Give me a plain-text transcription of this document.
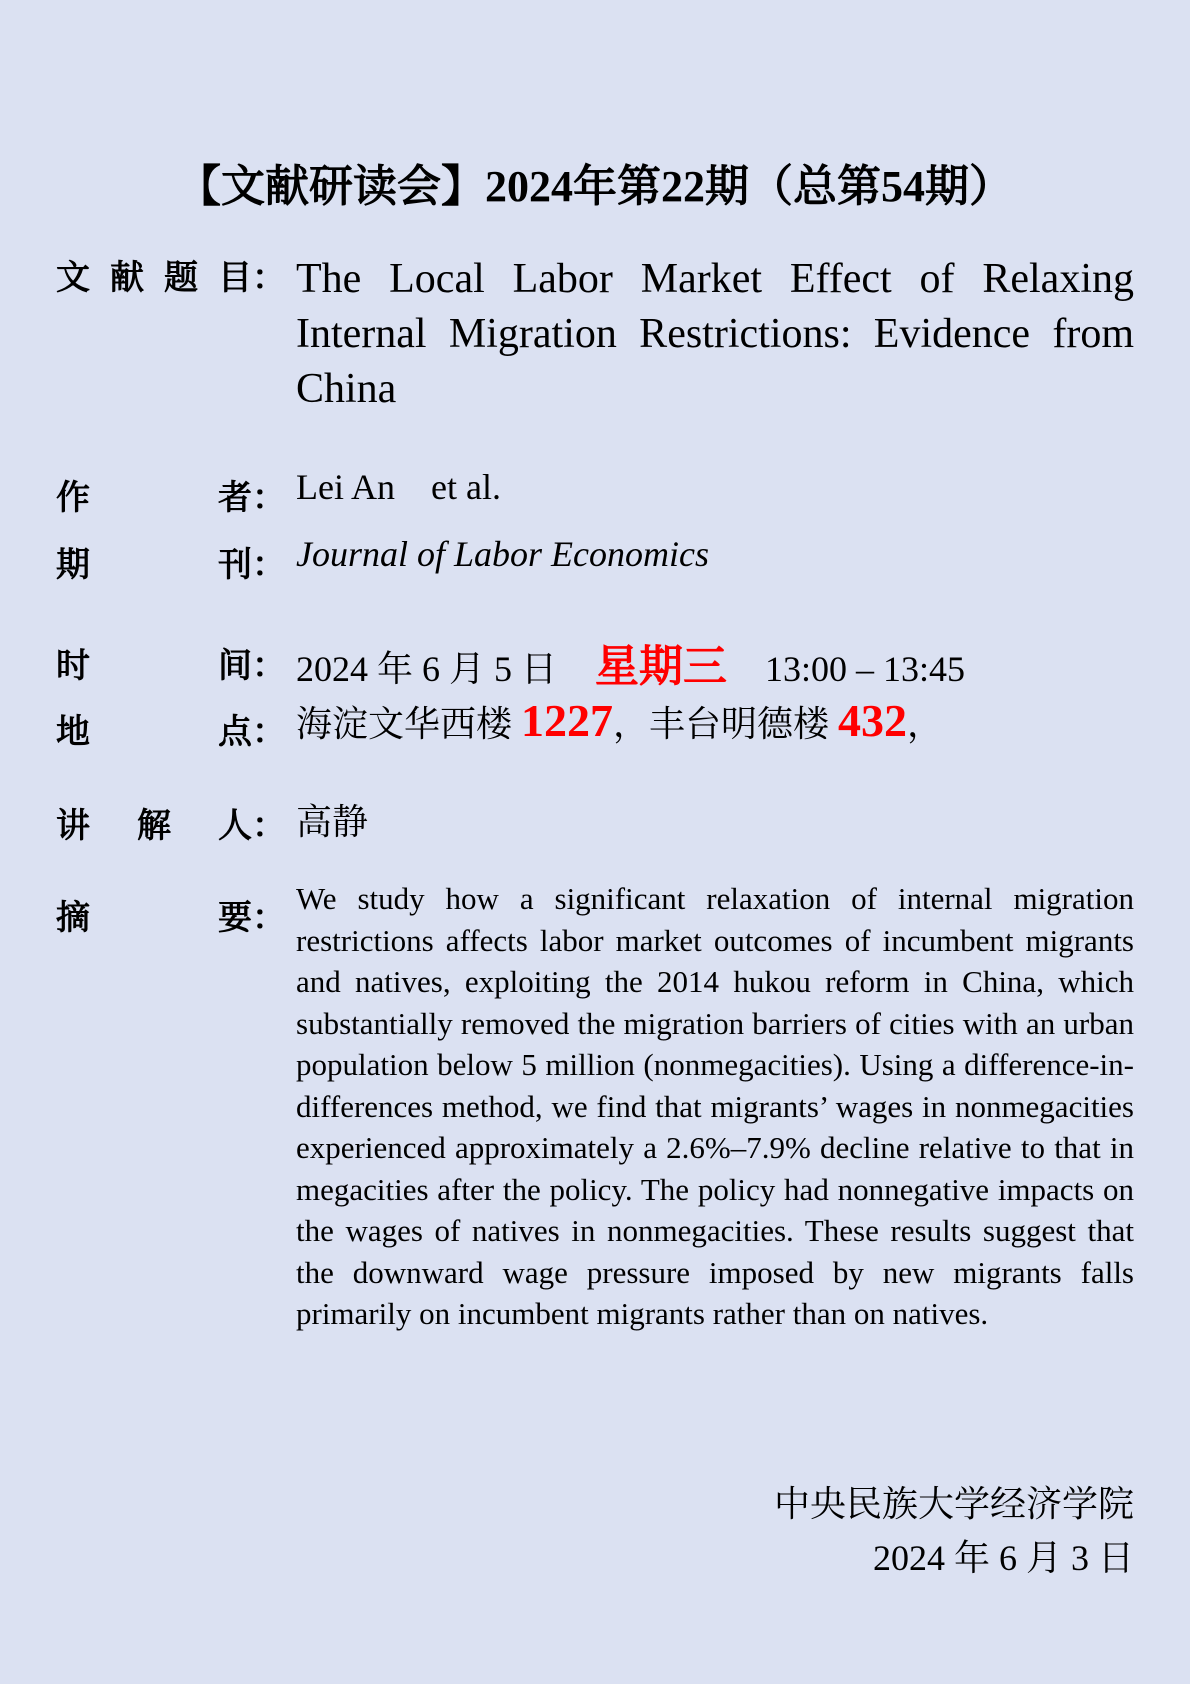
【文献研读会】2024年第22期（总第54期）
文 献 题 目 ： The Local Labor Market Effect of Relaxing Internal Migration Restrictions: Evidence from China
作	者 ： Lei An    et al.
期	刊 ： Journal of Labor Economics
时	间 ： 2024 年 6 月 5 日 星期三 13:00 – 13:45
地	点 ： 海淀文华西楼 1227，丰台明德楼 432，
讲 解 人 ： 高静
摘	要 ： We study how a significant relaxation of internal migration restrictions affects labor market outcomes of incumbent migrants and natives, exploiting the 2014 hukou reform in China, which substantially removed the migration barriers of cities with an urban population below 5 million (nonmegacities). Using a difference-in-differences method, we find that migrants’ wages in nonmegacities experienced approximately a 2.6%–7.9% decline relative to that in megacities after the policy. The policy had nonnegative impacts on the wages of natives in nonmegacities. These results suggest that the downward wage pressure imposed by new migrants falls primarily on incumbent migrants rather than on natives.
中央民族大学经济学院
2024 年 6 月 3 日
